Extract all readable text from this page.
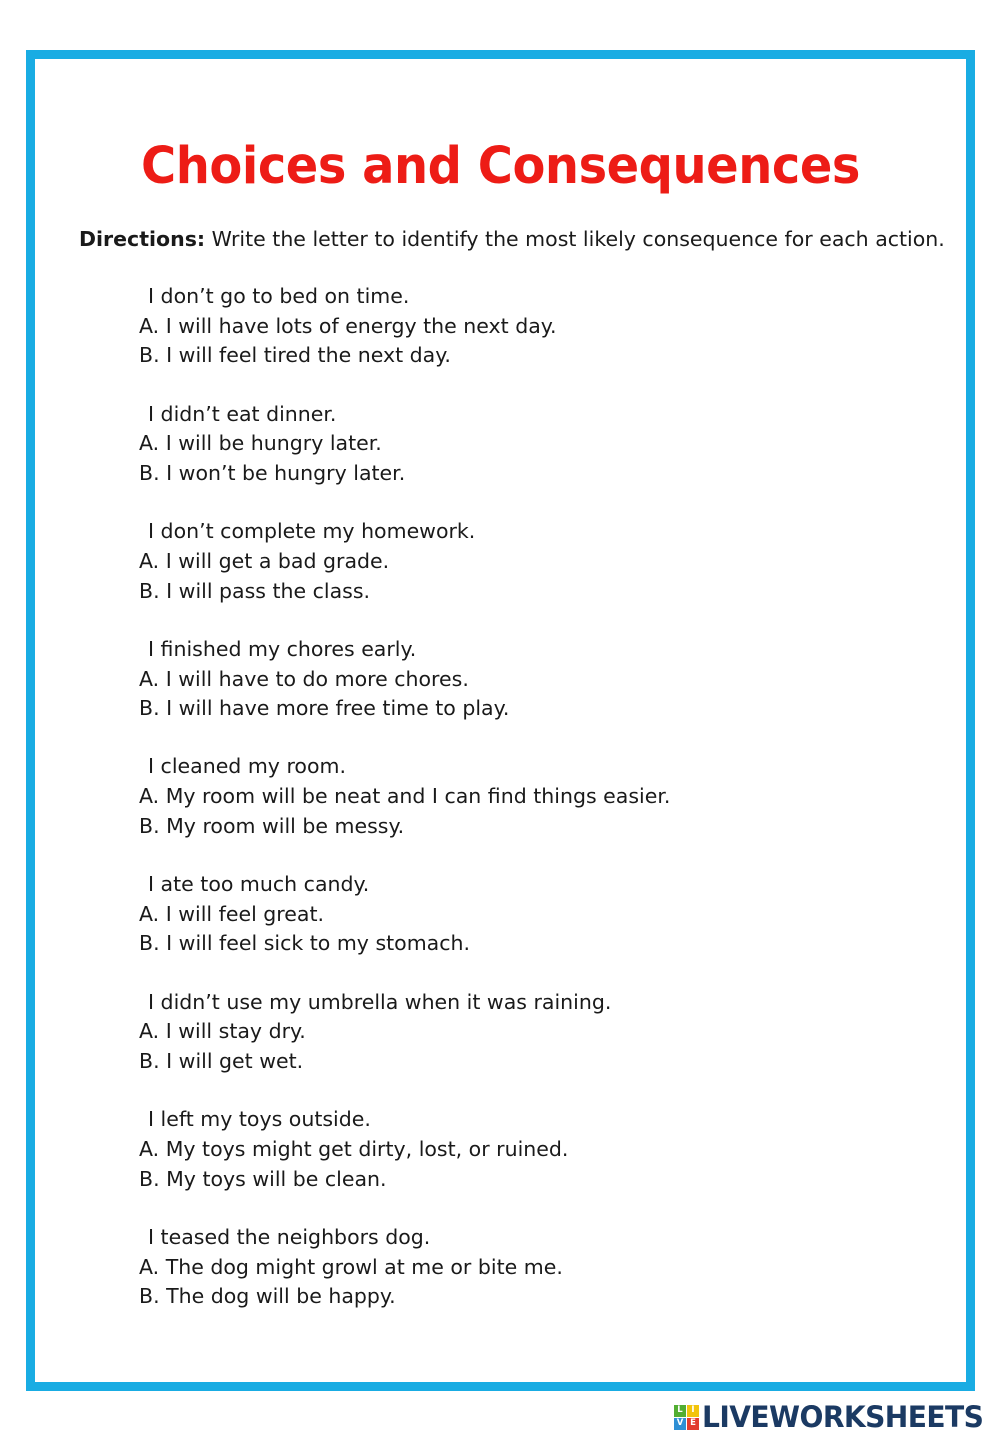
Choices and Consequences
Directions: Write the letter to identify the most likely consequence for each action.
I don’t go to bed on time.
A. I will have lots of energy the next day.
B. I will feel tired the next day.
I didn’t eat dinner.
A. I will be hungry later.
B. I won’t be hungry later.
I don’t complete my homework.
A. I will get a bad grade.
B. I will pass the class.
I finished my chores early.
A. I will have to do more chores.
B. I will have more free time to play.
I cleaned my room.
A. My room will be neat and I can find things easier.
B. My room will be messy.
I ate too much candy.
A. I will feel great.
B. I will feel sick to my stomach.
I didn’t use my umbrella when it was raining.
A. I will stay dry.
B. I will get wet.
I left my toys outside.
A. My toys might get dirty, lost, or ruined.
B. My toys will be clean.
I teased the neighbors dog.
A. The dog might growl at me or bite me.
B. The dog will be happy.
L	I
V E LIVEWORKSHEETS
